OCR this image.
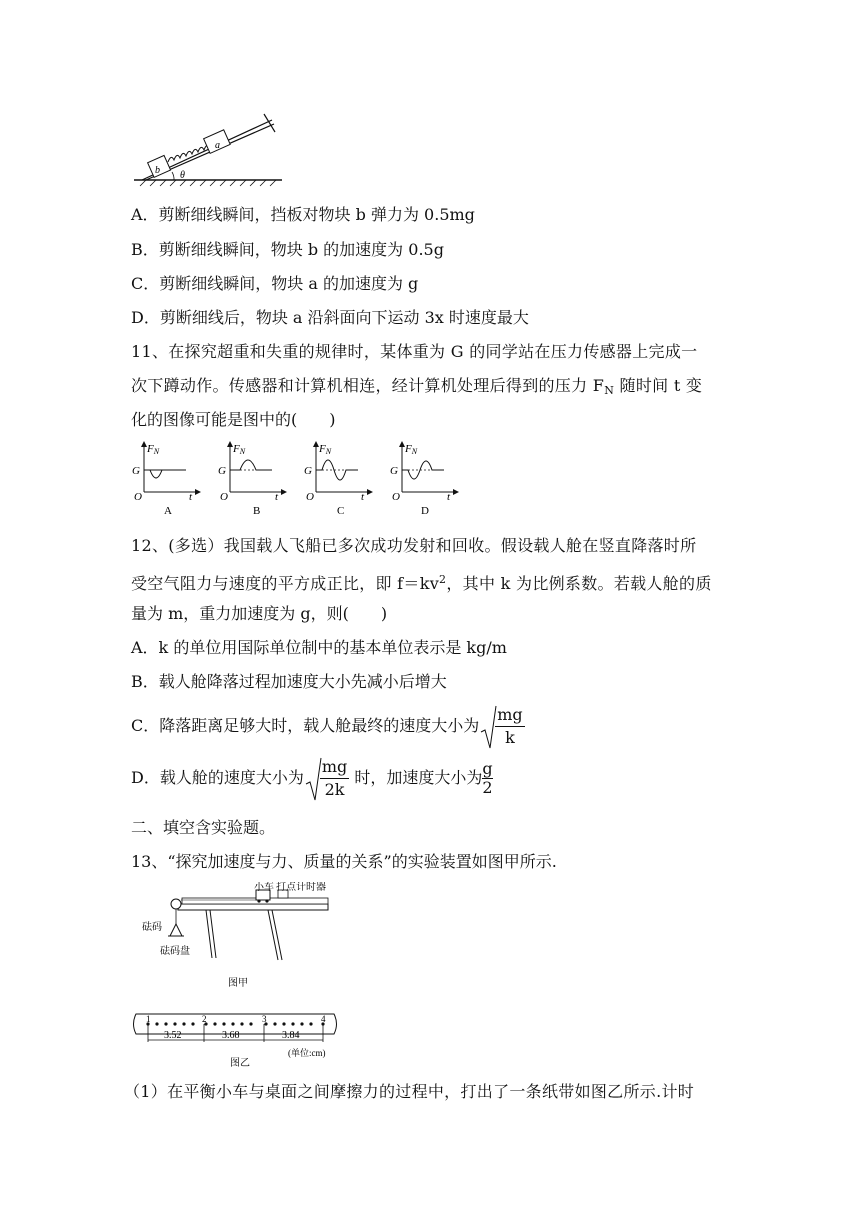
b
a
θ
A．剪断细线瞬间，挡板对物块 b 弹力为 0.5mg
B．剪断细线瞬间，物块 b 的加速度为 0.5g
C．剪断细线瞬间，物块 a 的加速度为 g
D．剪断细线后，物块 a 沿斜面向下运动 3x 时速度最大
11、在探究超重和失重的规律时，某体重为 G 的同学站在压力传感器上完成一
次下蹲动作。传感器和计算机相连，经计算机处理后得到的压力 $F_N$ 随时间 t 变
化的图像可能是图中的(　　)
FN
G
O	t
A
FN
G
O	t
B
FN
G
O	t
C
FN
G
O	t
D
12、(多选）我国载人飞船已多次成功发射和回收。假设载人舱在竖直降落时所
受空气阻力与速度的平方成正比，即 $f=kv^2$，其中 k 为比例系数。若载人舱的质
量为 m，重力加速度为 g，则(　　)
A．k 的单位用国际单位制中的基本单位表示是 kg/m
B．载人舱降落过程加速度大小先减小后增大
C．降落距离足够大时，载人舱最终的速度大小为 $\frac{mg}{k}$
D．载人舱的速度大小为 $\frac{mg}{2k}$ 时，加速度大小为 $\frac{g}{2}$
二、填空含实验题。
13、“探究加速度与力、质量的关系”的实验装置如图甲所示.
小车 打点计时器
砝码
砝码盘
图甲
1	2	3	4
3.52	3.68	3.84
(单位:cm)
图乙
（1）在平衡小车与桌面之间摩擦力的过程中，打出了一条纸带如图乙所示.计时
